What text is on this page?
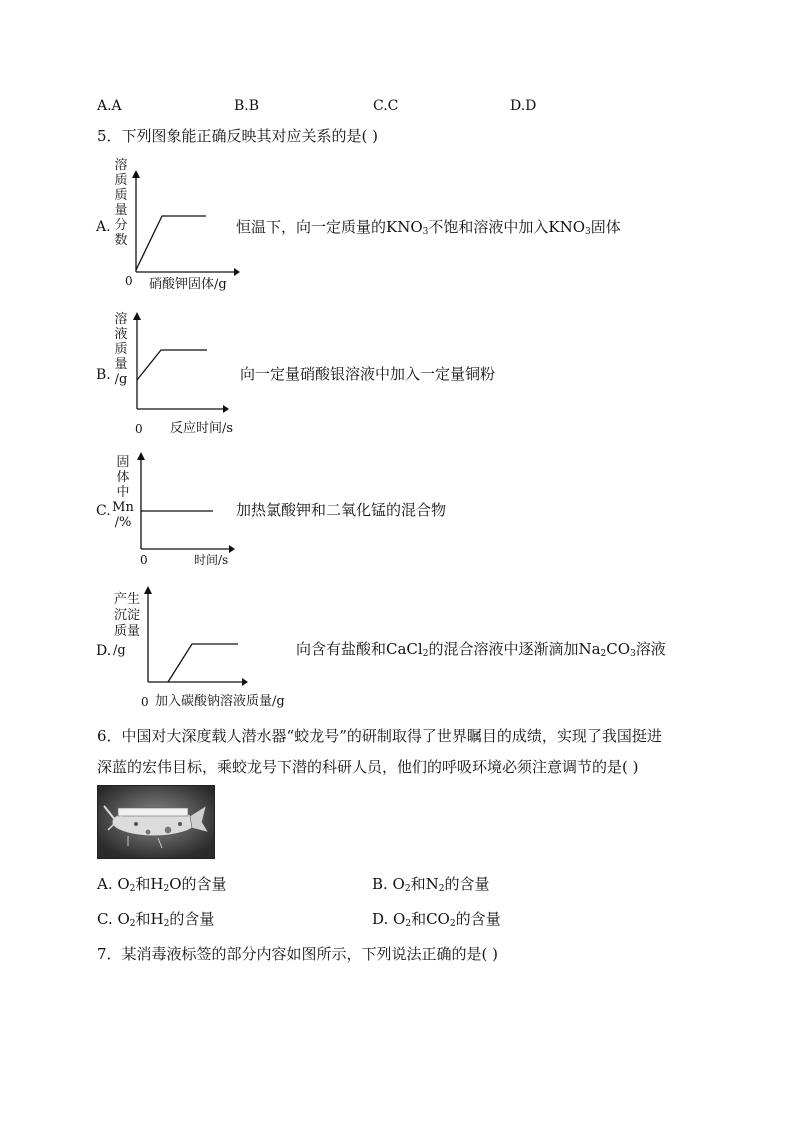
A.A	B.B	C.C	D.D
5．下列图象能正确反映其对应关系的是( )
溶
质
质
量
分
数
A.
0 硝酸钾固体/g
恒温下，向一定质量的$KNO_3$不饱和溶液中加入$KNO_3$固体
溶
液
质
量
/g
B.
0 反应时间/s
向一定量硝酸银溶液中加入一定量铜粉
固
体
中
Mn
/%
C.
0	时间/s
加热氯酸钾和二氧化锰的混合物
产生
沉淀
质量
D. /g
0 加入碳酸钠溶液质量/g
向含有盐酸和CaCl$_2$的混合溶液中逐渐滴加$Na_2CO_3$溶液
6．中国对大深度载人潜水器“蛟龙号”的研制取得了世界瞩目的成绩，实现了我国挺进
深蓝的宏伟目标，乘蛟龙号下潜的科研人员，他们的呼吸环境必须注意调节的是( )
A. $O_2$和$H_2O$的含量	B. $O_2$和$N_2$的含量
C. $O_2$和$H_2$的含量	D. $O_2$和$CO_2$的含量
7．某消毒液标签的部分内容如图所示，下列说法正确的是( )
